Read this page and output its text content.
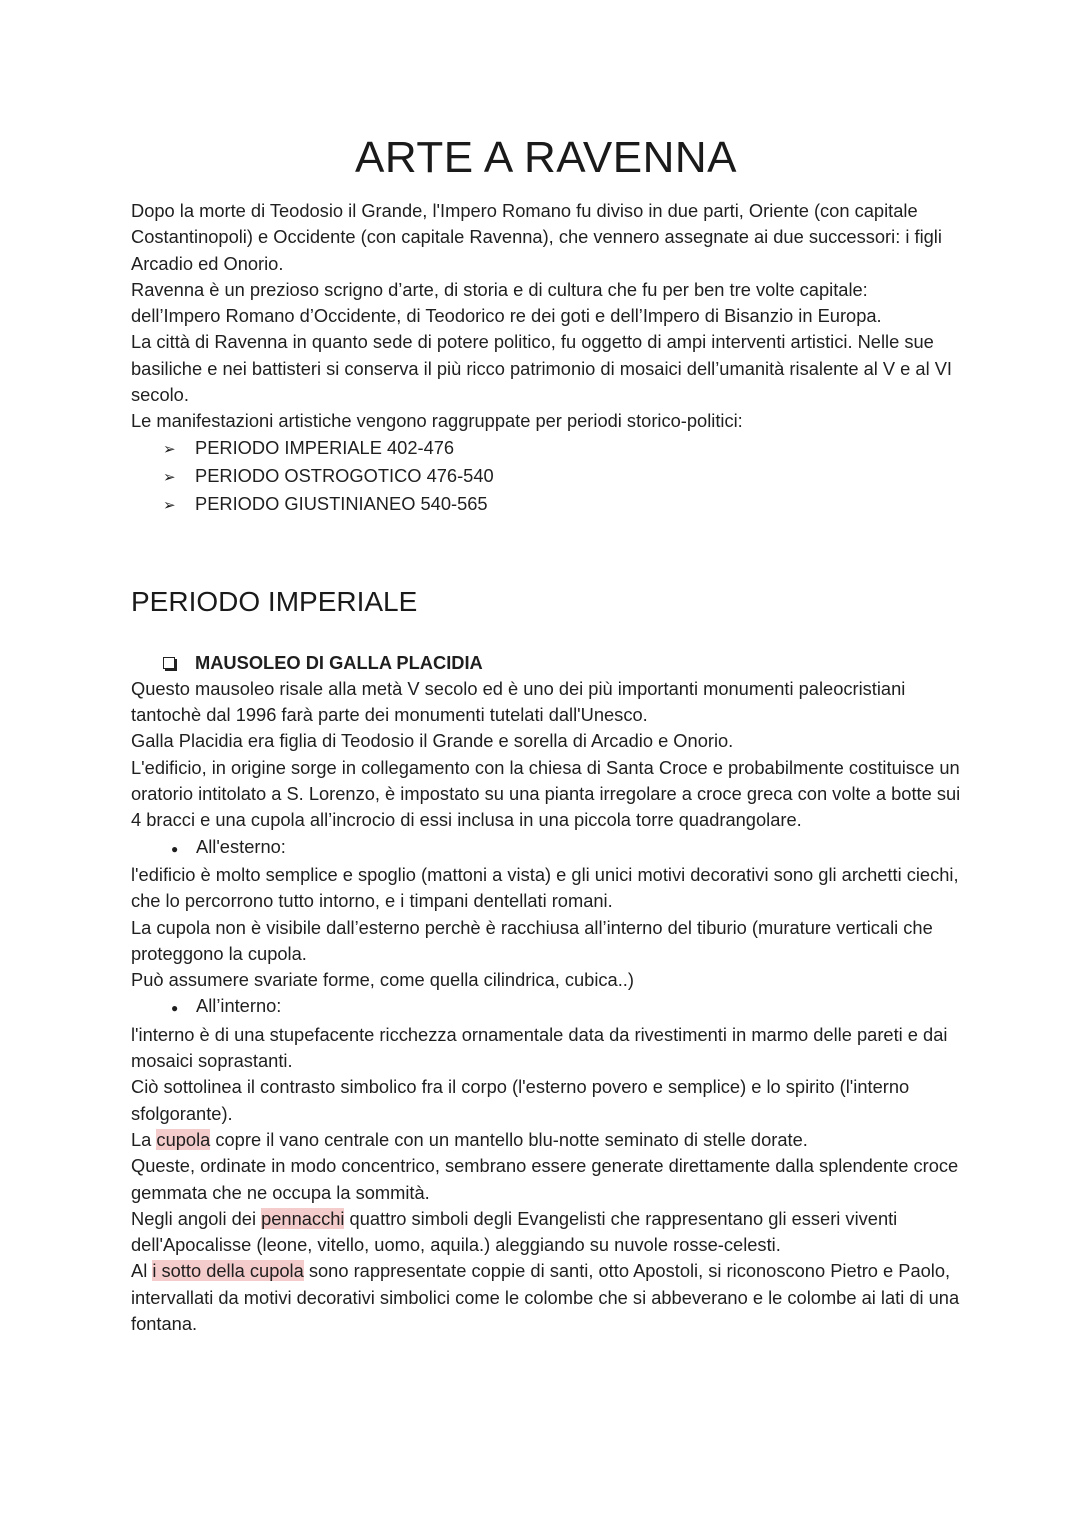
ARTE A RAVENNA

Dopo la morte di Teodosio il Grande, l'Impero Romano fu diviso in due parti, Oriente (con capitale Costantinopoli) e Occidente (con capitale Ravenna), che vennero assegnate ai due successori: i figli Arcadio ed Onorio.

Ravenna è un prezioso scrigno d’arte, di storia e di cultura che fu per ben tre volte capitale: dell’Impero Romano d’Occidente, di Teodorico re dei goti e dell’Impero di Bisanzio in Europa.

La città di Ravenna in quanto sede di potere politico, fu oggetto di ampi interventi artistici. Nelle sue basiliche e nei battisteri si conserva il più ricco patrimonio di mosaici dell’umanità risalente al V e al VI secolo.

Le manifestazioni artistiche vengono raggruppate per periodi storico-politici:

➢	PERIODO IMPERIALE 402-476
➢	PERIODO OSTROGOTICO 476-540
➢	PERIODO GIUSTINIANEO 540-565
PERIODO IMPERIALE
MAUSOLEO DI GALLA PLACIDIA

Questo mausoleo risale alla metà V secolo ed è uno dei più importanti monumenti paleocristiani tantochè dal 1996 farà parte dei monumenti tutelati dall'Unesco.

Galla Placidia era figlia di Teodosio il Grande e sorella di Arcadio e Onorio.

L'edificio, in origine sorge in collegamento con la chiesa di Santa Croce e probabilmente costituisce un oratorio intitolato a S. Lorenzo, è impostato su una pianta irregolare a croce greca con volte a botte sui 4 bracci e una cupola all’incrocio di essi inclusa in una piccola torre quadrangolare.

● All'esterno:

l'edificio è molto semplice e spoglio (mattoni a vista) e gli unici motivi decorativi sono gli archetti ciechi, che lo percorrono tutto intorno, e i timpani dentellati romani.

La cupola non è visibile dall’esterno perchè è racchiusa all’interno del tiburio (murature verticali che proteggono la cupola.

Può assumere svariate forme, come quella cilindrica, cubica..)

● All’interno:

l'interno è di una stupefacente ricchezza ornamentale data da rivestimenti in marmo delle pareti e dai mosaici soprastanti.

Ciò sottolinea il contrasto simbolico fra il corpo (l'esterno povero e semplice) e lo spirito (l'interno sfolgorante).

La cupola copre il vano centrale con un mantello blu-notte seminato di stelle dorate.

Queste, ordinate in modo concentrico, sembrano essere generate direttamente dalla splendente croce gemmata che ne occupa la sommità.

Negli angoli dei pennacchi quattro simboli degli Evangelisti che rappresentano gli esseri viventi dell'Apocalisse (leone, vitello, uomo, aquila.) aleggiando su nuvole rosse-celesti.

Al i sotto della cupola sono rappresentate coppie di santi, otto Apostoli, si riconoscono Pietro e Paolo, intervallati da motivi decorativi simbolici come le colombe che si abbeverano e le colombe ai lati di una fontana.
